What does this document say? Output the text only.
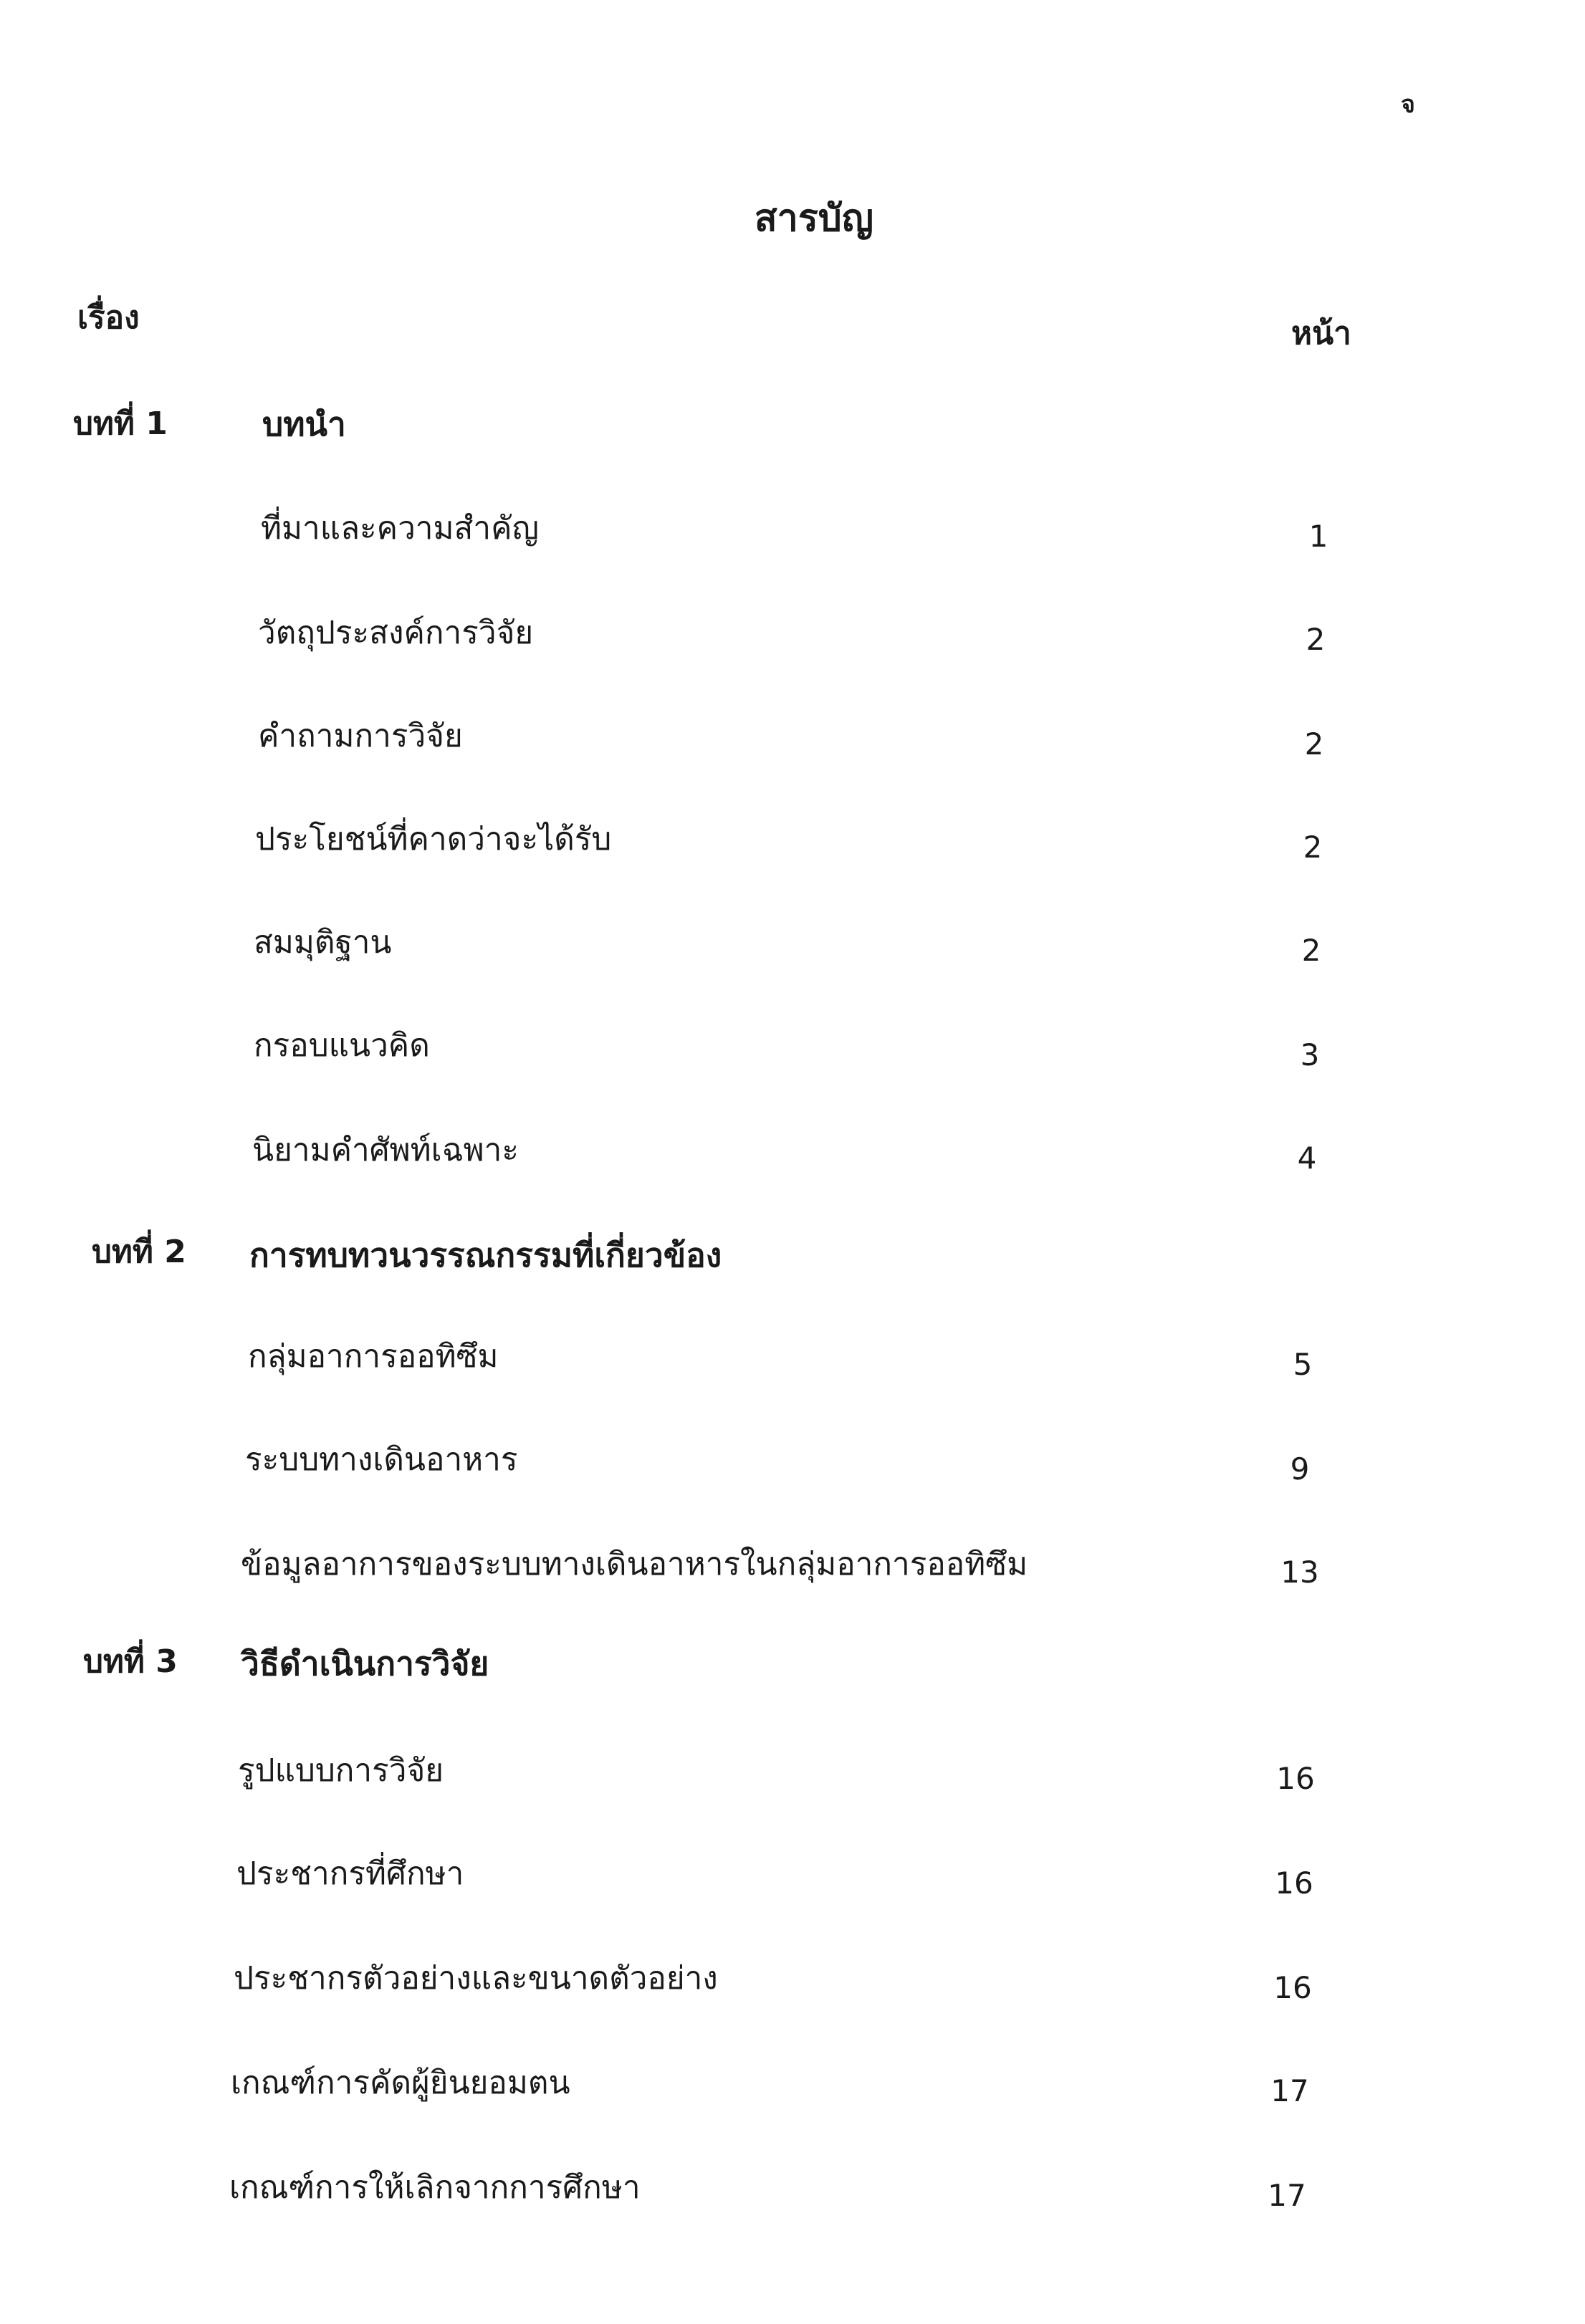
จ
สารบัญ
เรื่อง	หน้า
บทที่ 1	บทนำ
ที่มาและความสำคัญ	1
วัตถุประสงค์การวิจัย	2
คำถามการวิจัย	2
ประโยชน์ที่คาดว่าจะได้รับ	2
สมมุติฐาน	2
กรอบแนวคิด	3
นิยามคำศัพท์เฉพาะ	4
บทที่ 2 การทบทวนวรรณกรรมที่เกี่ยวข้อง
กลุ่มอาการออทิซึม	5
ระบบทางเดินอาหาร	9
ข้อมูลอาการของระบบทางเดินอาหารในกลุ่มอาการออทิซึม	13
บทที่ 3 วิธีดำเนินการวิจัย
รูปแบบการวิจัย	16
ประชากรที่ศึกษา	16
ประชากรตัวอย่างและขนาดตัวอย่าง	16
เกณฑ์การคัดผู้ยินยอมตน	17
เกณฑ์การให้เลิกจากการศึกษา	17
